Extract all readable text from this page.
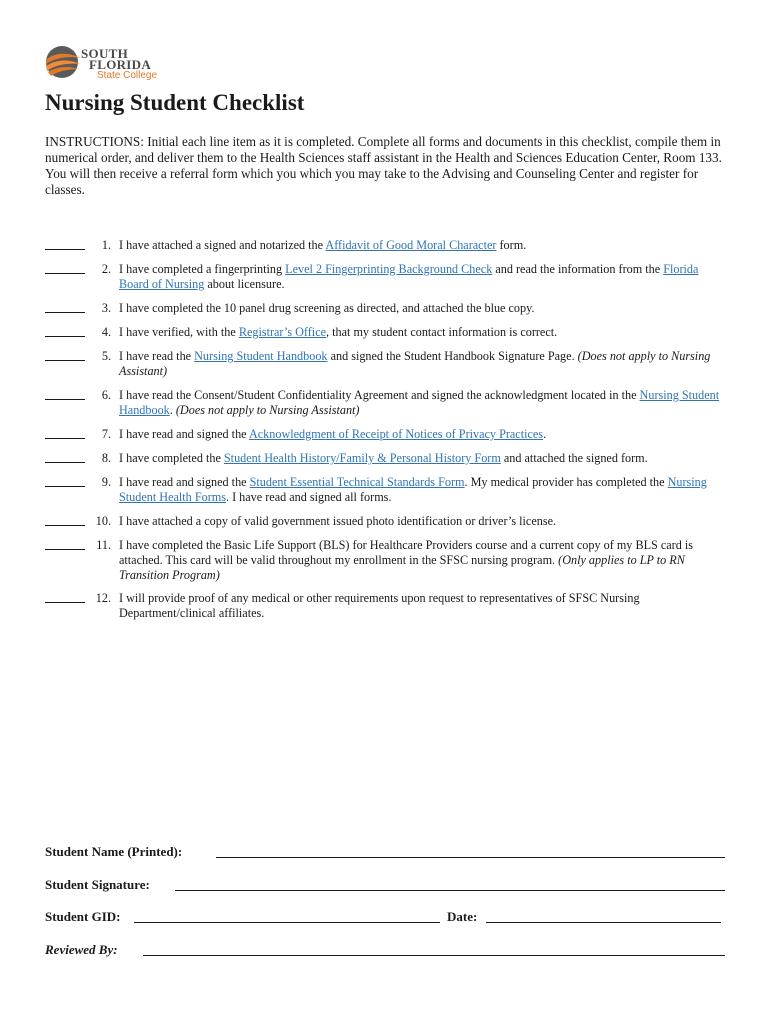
SOUTH
FLORIDA
State College
Nursing Student Checklist

INSTRUCTIONS: Initial each line item as it is completed. Complete all forms and documents in this checklist, compile them in numerical order, and deliver them to the Health Sciences staff assistant in the Health and Sciences Education Center, Room 133. You will then receive a referral form which you which you may take to the Advising and Counseling Center and register for classes.

1. I have attached a signed and notarized the Affidavit of Good Moral Character form.
2. I have completed a fingerprinting Level 2 Fingerprinting Background Check and read the information from the Florida Board of Nursing about licensure.
3. I have completed the 10 panel drug screening as directed, and attached the blue copy.
4. I have verified, with the Registrar’s Office, that my student contact information is correct.
5. I have read the Nursing Student Handbook and signed the Student Handbook Signature Page. (Does not apply to Nursing Assistant)
6. I have read the Consent/Student Confidentiality Agreement and signed the acknowledgment located in the Nursing Student Handbook. (Does not apply to Nursing Assistant)
7. I have read and signed the Acknowledgment of Receipt of Notices of Privacy Practices.
8. I have completed the Student Health History/Family & Personal History Form and attached the signed form.
9. I have read and signed the Student Essential Technical Standards Form. My medical provider has completed the Nursing Student Health Forms. I have read and signed all forms.
10. I have attached a copy of valid government issued photo identification or driver’s license.
11. I have completed the Basic Life Support (BLS) for Healthcare Providers course and a current copy of my BLS card is attached. This card will be valid throughout my enrollment in the SFSC nursing program. (Only applies to LP to RN Transition Program)
12. I will provide proof of any medical or other requirements upon request to representatives of SFSC Nursing Department/clinical affiliates.
Student Name (Printed):
Student Signature:
Student GID:	Date:
Reviewed By:
